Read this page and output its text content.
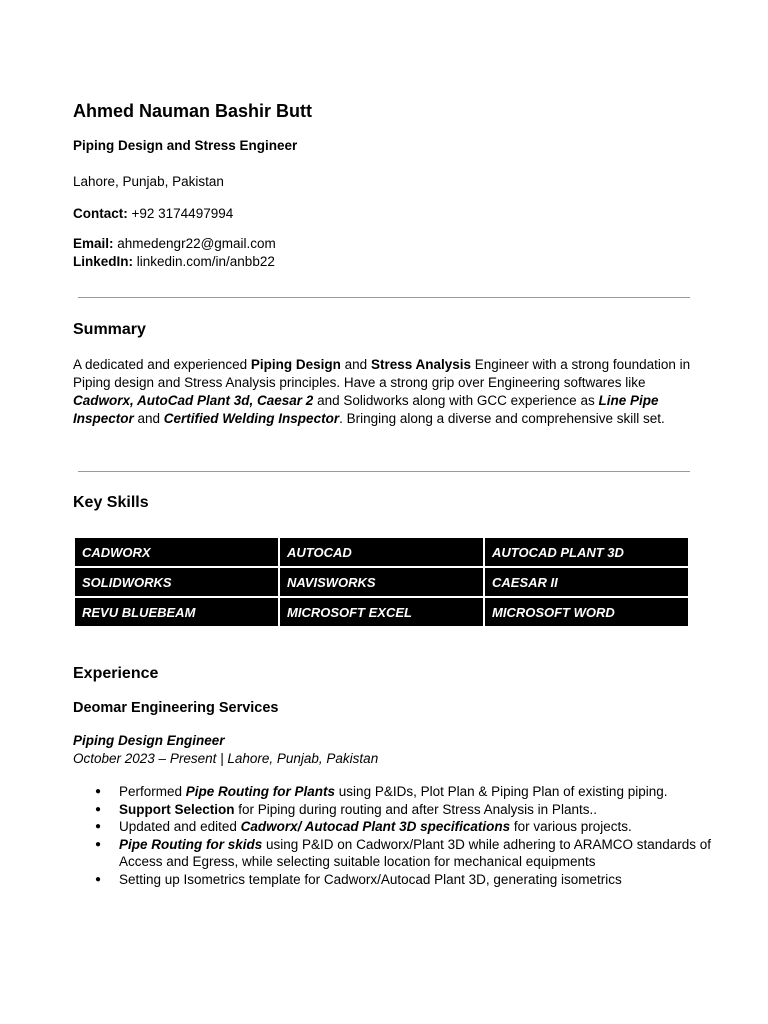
Ahmed Nauman Bashir Butt
Piping Design and Stress Engineer
Lahore, Punjab, Pakistan
Contact: +92 3174497994
Email: ahmedengr22@gmail.com
LinkedIn: linkedin.com/in/anbb22
Summary
A dedicated and experienced Piping Design and Stress Analysis Engineer with a strong foundation in Piping design and Stress Analysis principles. Have a strong grip over Engineering softwares like Cadworx, AutoCad Plant 3d, Caesar 2 and Solidworks along with GCC experience as Line Pipe Inspector and Certified Welding Inspector. Bringing along a diverse and comprehensive skill set.
Key Skills
CADWORX	AUTOCAD	AUTOCAD PLANT 3D
SOLIDWORKS	NAVISWORKS	CAESAR II
REVU BLUEBEAM	MICROSOFT EXCEL	MICROSOFT WORD
Experience
Deomar Engineering Services
Piping Design Engineer
October 2023 – Present | Lahore, Punjab, Pakistan
● Performed Pipe Routing for Plants using P&IDs, Plot Plan & Piping Plan of existing piping.
● Support Selection for Piping during routing and after Stress Analysis in Plants..
● Updated and edited Cadworx/ Autocad Plant 3D specifications for various projects.
● Pipe Routing for skids using P&ID on Cadworx/Plant 3D while adhering to ARAMCO standards of Access and Egress, while selecting suitable location for mechanical equipments
● Setting up Isometrics template for Cadworx/Autocad Plant 3D, generating isometrics
